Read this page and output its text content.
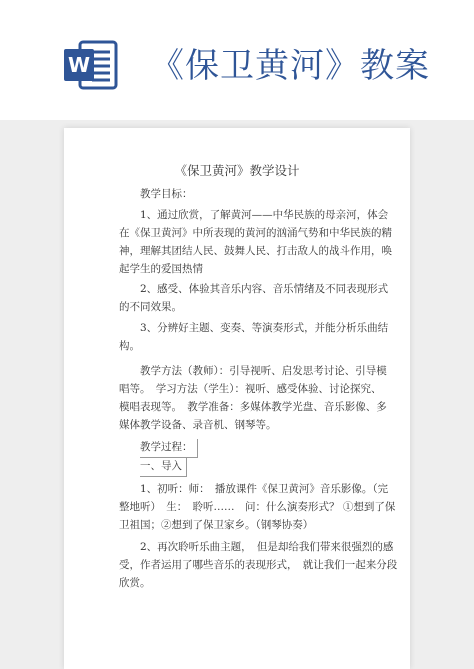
W 《保卫黄河》教案
《保卫黄河》教学设计
教学目标：
1、通过欣赏，了解黄河——中华民族的母亲河，体会
在《保卫黄河》中所表现的黄河的汹涌气势和中华民族的精
神，理解其团结人民、鼓舞人民、打击敌人的战斗作用，唤
起学生的爱国热情
2、感受、体验其音乐内容、音乐情绪及不同表现形式
的不同效果。
3、分辨好主题、变奏、等演奏形式，并能分析乐曲结
构。
教学方法（教师）：引导视听、启发思考讨论、引导模
唱等。　学习方法（学生）：视听、感受体验、讨论探究、
模唱表现等。　教学准备：多媒体教学光盘、音乐影像、多
媒体教学设备、录音机、钢琴等。
教学过程：
一、导入
1、初听：师：　播放课件《保卫黄河》音乐影像。（完
整地听）　生：　聆听……　问：什么演奏形式？ ①想到了保
卫祖国；②想到了保卫家乡。（钢琴协奏）
2、再次聆听乐曲主题，　但是却给我们带来很强烈的感
受，作者运用了哪些音乐的表现形式，　就让我们一起来分段
欣赏。
